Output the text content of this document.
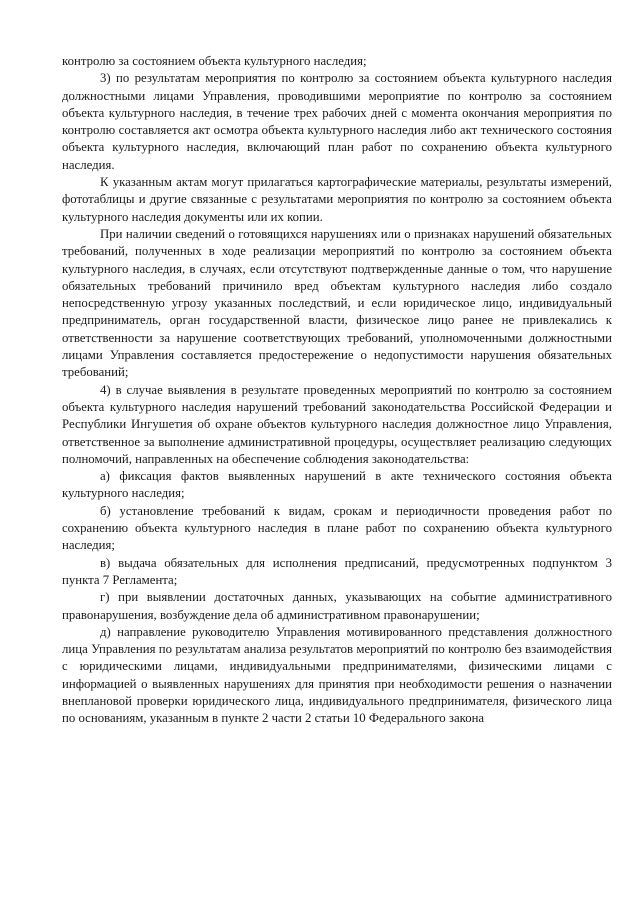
контролю за состоянием объекта культурного наследия;

3) по результатам мероприятия по контролю за состоянием объекта культурного наследия должностными лицами Управления, проводившими мероприятие по контролю за состоянием объекта культурного наследия, в течение трех рабочих дней с момента окончания мероприятия по контролю составляется акт осмотра объекта культурного наследия либо акт технического состояния объекта культурного наследия, включающий план работ по сохранению объекта культурного наследия.

К указанным актам могут прилагаться картографические материалы, результаты измерений, фототаблицы и другие связанные с результатами мероприятия по контролю за состоянием объекта культурного наследия документы или их копии.

При наличии сведений о готовящихся нарушениях или о признаках нарушений обязательных требований, полученных в ходе реализации мероприятий по контролю за состоянием объекта культурного наследия, в случаях, если отсутствуют подтвержденные данные о том, что нарушение обязательных требований причинило вред объектам культурного наследия либо создало непосредственную угрозу указанных последствий, и если юридическое лицо, индивидуальный предприниматель, орган государственной власти, физическое лицо ранее не привлекались к ответственности за нарушение соответствующих требований, уполномоченными должностными лицами Управления составляется предостережение о недопустимости нарушения обязательных требований;

4) в случае выявления в результате проведенных мероприятий по контролю за состоянием объекта культурного наследия нарушений требований законодательства Российской Федерации и Республики Ингушетия об охране объектов культурного наследия должностное лицо Управления, ответственное за выполнение административной процедуры, осуществляет реализацию следующих полномочий, направленных на обеспечение соблюдения законодательства:

а) фиксация фактов выявленных нарушений в акте технического состояния объекта культурного наследия;

б) установление требований к видам, срокам и периодичности проведения работ по сохранению объекта культурного наследия в плане работ по сохранению объекта культурного наследия;

в) выдача обязательных для исполнения предписаний, предусмотренных подпунктом 3 пункта 7 Регламента;

г) при выявлении достаточных данных, указывающих на событие административного правонарушения, возбуждение дела об административном правонарушении;

д) направление руководителю Управления мотивированного представления должностного лица Управления по результатам анализа результатов мероприятий по контролю без взаимодействия с юридическими лицами, индивидуальными предпринимателями, физическими лицами с информацией о выявленных нарушениях для принятия при необходимости решения о назначении внеплановой проверки юридического лица, индивидуального предпринимателя, физического лица по основаниям, указанным в пункте 2 части 2 статьи 10 Федерального закона
